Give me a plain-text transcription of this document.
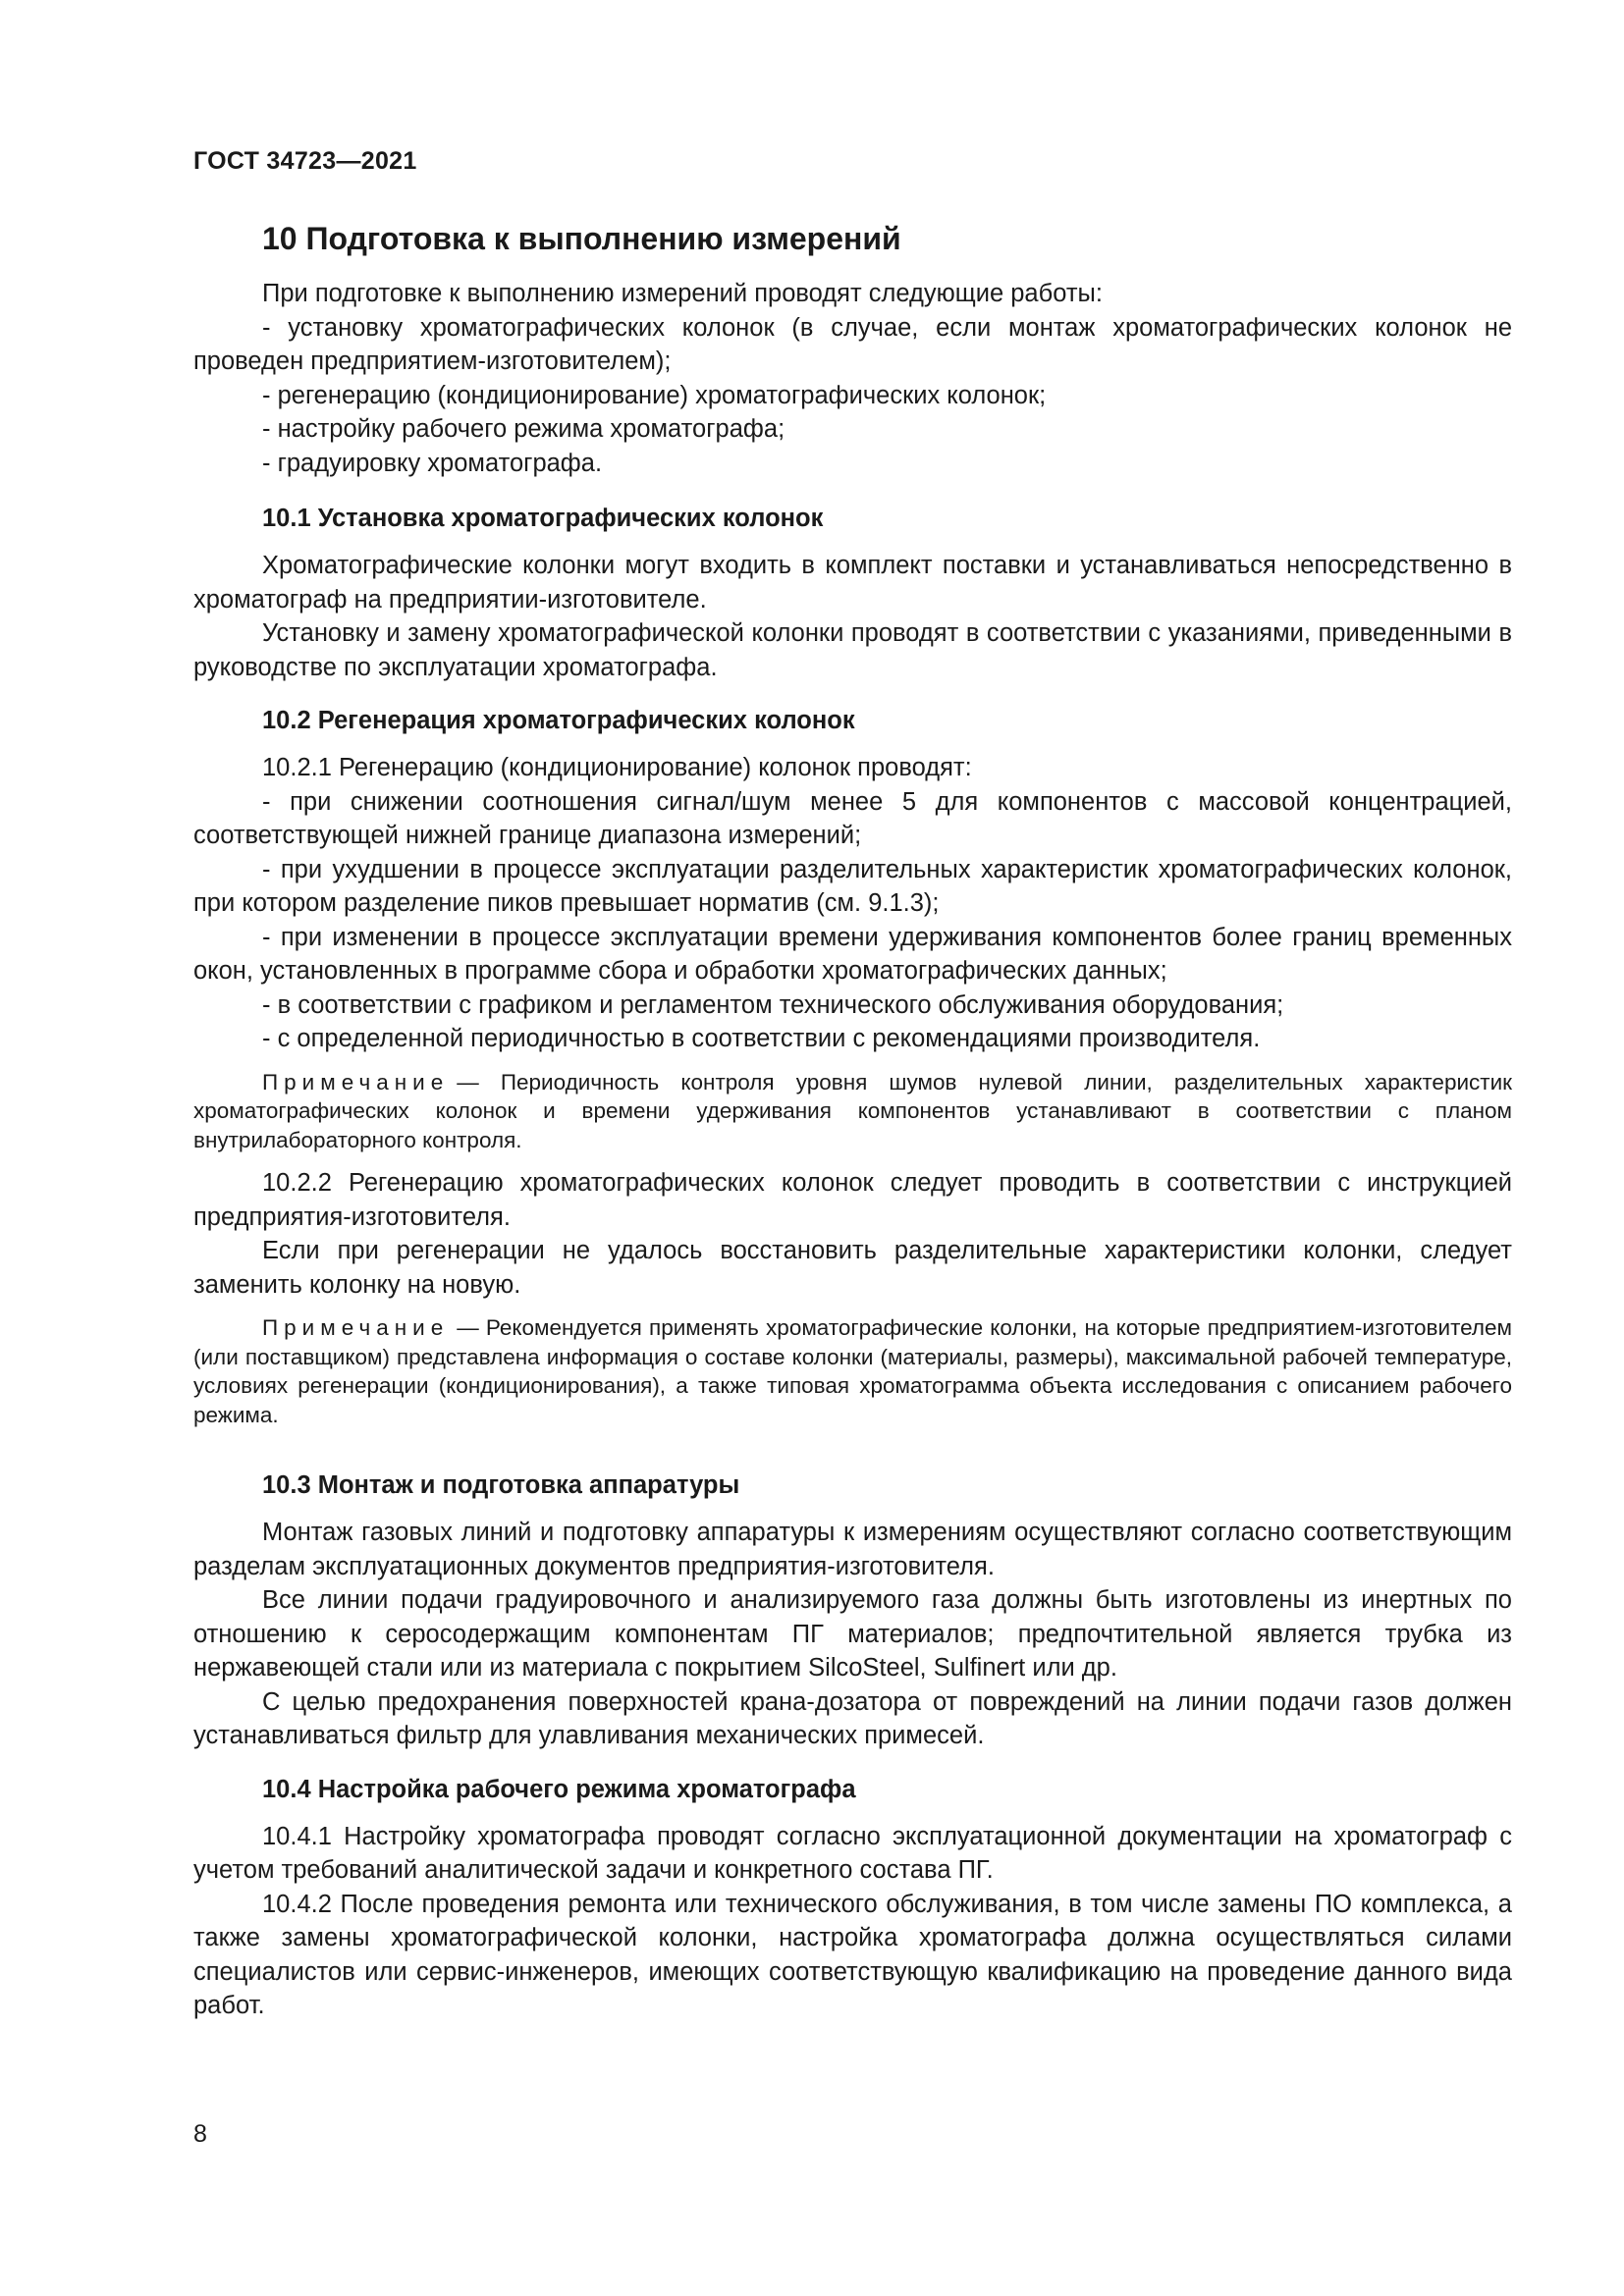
ГОСТ 34723—2021
10 Подготовка к выполнению измерений

При подготовке к выполнению измерений проводят следующие работы:

- установку хроматографических колонок (в случае, если монтаж хроматографических колонок не проведен предприятием-изготовителем);

- регенерацию (кондиционирование) хроматографических колонок;

- настройку рабочего режима хроматографа;

- градуировку хроматографа.

10.1 Установка хроматографических колонок

Хроматографические колонки могут входить в комплект поставки и устанавливаться непосредственно в хроматограф на предприятии-изготовителе.

Установку и замену хроматографической колонки проводят в соответствии с указаниями, приведенными в руководстве по эксплуатации хроматографа.

10.2 Регенерация хроматографических колонок

10.2.1 Регенерацию (кондиционирование) колонок проводят:

- при снижении соотношения сигнал/шум менее 5 для компонентов с массовой концентрацией, соответствующей нижней границе диапазона измерений;

- при ухудшении в процессе эксплуатации разделительных характеристик хроматографических колонок, при котором разделение пиков превышает норматив (см. 9.1.3);

- при изменении в процессе эксплуатации времени удерживания компонентов более границ временных окон, установленных в программе сбора и обработки хроматографических данных;

- в соответствии с графиком и регламентом технического обслуживания оборудования;

- с определенной периодичностью в соответствии с рекомендациями производителя.

Примечание — Периодичность контроля уровня шумов нулевой линии, разделительных характеристик хроматографических колонок и времени удерживания компонентов устанавливают в соответствии с планом внутрилабораторного контроля.

10.2.2 Регенерацию хроматографических колонок следует проводить в соответствии с инструкцией предприятия-изготовителя.

Если при регенерации не удалось восстановить разделительные характеристики колонки, следует заменить колонку на новую.

Примечание — Рекомендуется применять хроматографические колонки, на которые предприятием-изготовителем (или поставщиком) представлена информация о составе колонки (материалы, размеры), максимальной рабочей температуре, условиях регенерации (кондиционирования), а также типовая хроматограмма объекта исследования с описанием рабочего режима.
10.3 Монтаж и подготовка аппаратуры

Монтаж газовых линий и подготовку аппаратуры к измерениям осуществляют согласно соответствующим разделам эксплуатационных документов предприятия-изготовителя.

Все линии подачи градуировочного и анализируемого газа должны быть изготовлены из инертных по отношению к серосодержащим компонентам ПГ материалов; предпочтительной является трубка из нержавеющей стали или из материала с покрытием SilcoSteel, Sulfinert или др.

С целью предохранения поверхностей крана-дозатора от повреждений на линии подачи газов должен устанавливаться фильтр для улавливания механических примесей.

10.4 Настройка рабочего режима хроматографа

10.4.1 Настройку хроматографа проводят согласно эксплуатационной документации на хроматограф с учетом требований аналитической задачи и конкретного состава ПГ.

10.4.2 После проведения ремонта или технического обслуживания, в том числе замены ПО комплекса, а также замены хроматографической колонки, настройка хроматографа должна осуществляться силами специалистов или сервис-инженеров, имеющих соответствующую квалификацию на проведение данного вида работ.

8
